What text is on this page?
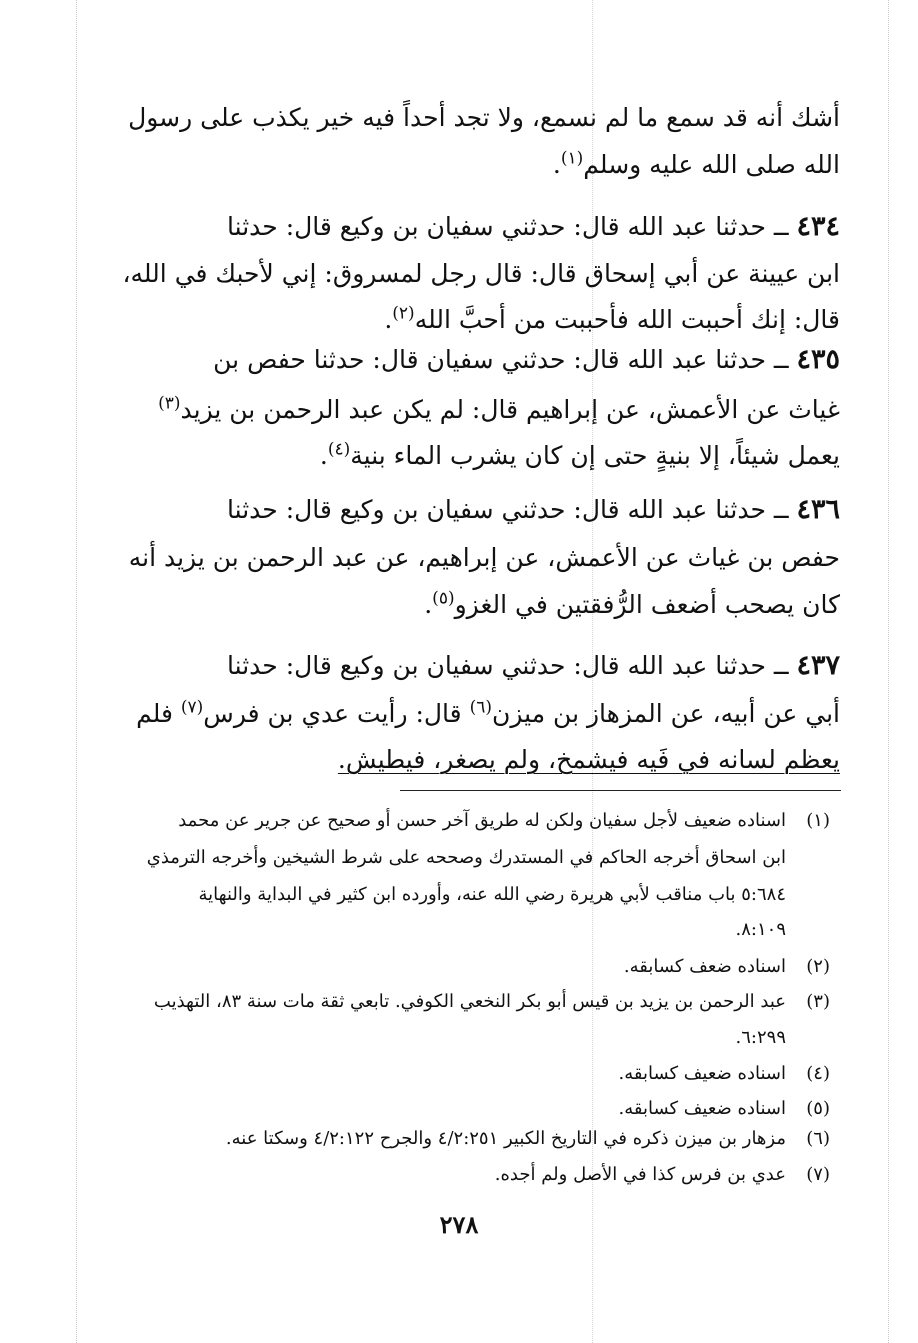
أشك أنه قد سمع ما لم نسمع، ولا تجد أحداً فيه خير يكذب على رسول
الله صلى الله عليه وسلم$^{(١)}$.
٤٣٤ ــ حدثنا عبد الله قال: حدثني سفيان بن وكيع قال: حدثنا
ابن عيينة عن أبي إسحاق قال: قال رجل لمسروق: إني لأحبك في الله،
قال: إنك أحببت الله فأحببت من أحبَّ الله$^{(٢)}$.
٤٣٥ ــ حدثنا عبد الله قال: حدثني سفيان قال: حدثنا حفص بن
غياث عن الأعمش، عن إبراهيم قال: لم يكن عبد الرحمن بن يزيد$^{(٣)}$
يعمل شيئاً، إلا بنيةٍ حتى إن كان يشرب الماء بنية$^{(٤)}$.
٤٣٦ ــ حدثنا عبد الله قال: حدثني سفيان بن وكيع قال: حدثنا
حفص بن غياث عن الأعمش، عن إبراهيم، عن عبد الرحمن بن يزيد أنه
كان يصحب أضعف الرُّفقتين في الغزو$^{(٥)}$.
٤٣٧ ــ حدثنا عبد الله قال: حدثني سفيان بن وكيع قال: حدثنا
أبي عن أبيه، عن المزهاز بن ميزن$^{(٦)}$ قال: رأيت عدي بن فرس$^{(٧)}$ فلم
يعظم لسانه في فَيه فيشمخ، ولم يصغر، فيطيش.
(١)اسناده ضعيف لأجل سفيان ولكن له طريق آخر حسن أو صحيح عن جرير عن محمد
ابن اسحاق أخرجه الحاكم في المستدرك وصححه على شرط الشيخين وأخرجه الترمذي
٥:٦٨٤ باب مناقب لأبي هريرة رضي الله عنه، وأورده ابن كثير في البداية والنهاية
٨:١٠٩.
(٢)اسناده ضعف كسابقه.
(٣)عبد الرحمن بن يزيد بن قيس أبو بكر النخعي الكوفي. تابعي ثقة مات سنة ٨٣، التهذيب
٦:٢٩٩.
(٤)اسناده ضعيف كسابقه.
(٥)اسناده ضعيف كسابقه.
(٦)مزهار بن ميزن ذكره في التاريخ الكبير ٤/٢:٢٥١ والجرح ٤/٢:١٢٢ وسكتا عنه.
(٧)عدي بن فرس كذا في الأصل ولم أجده.
٢٧٨
